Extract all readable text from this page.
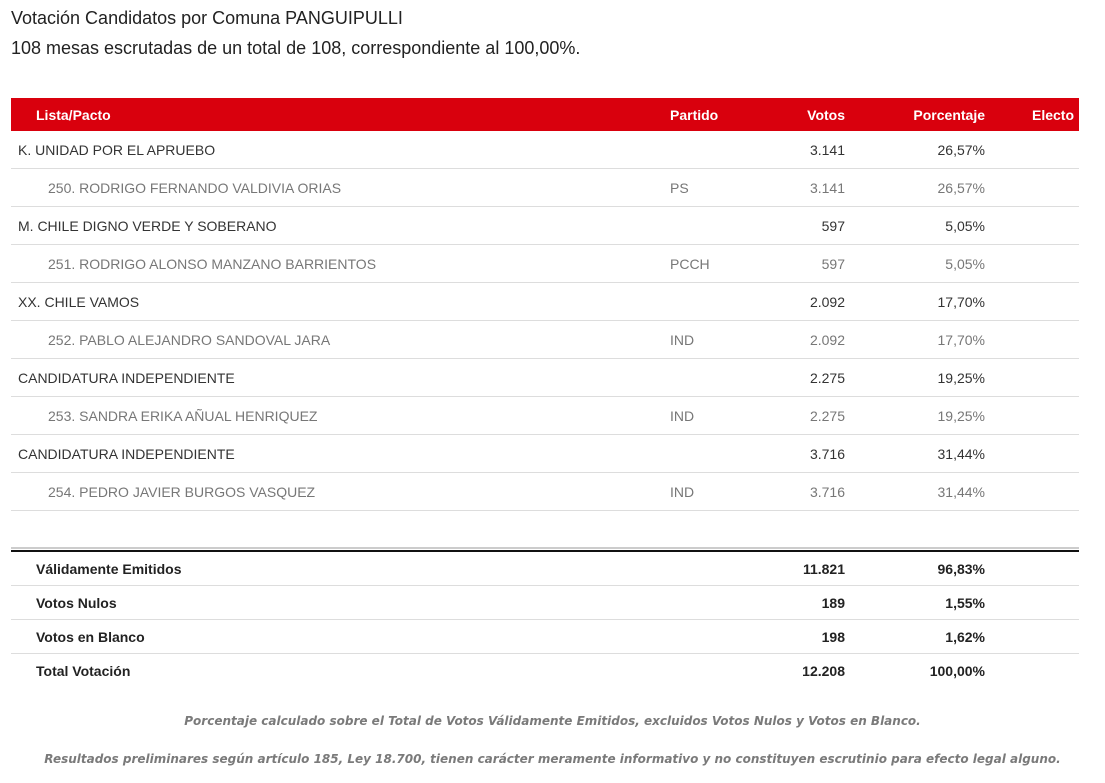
Votación Candidatos por Comuna PANGUIPULLI
108 mesas escrutadas de un total de 108, correspondiente al 100,00%.
Lista/Pacto	Partido	Votos	Porcentaje	Electo
K. UNIDAD POR EL APRUEBO		3.141	26,57%	
250. RODRIGO FERNANDO VALDIVIA ORIAS	PS	3.141	26,57%	
M. CHILE DIGNO VERDE Y SOBERANO		597	5,05%	
251. RODRIGO ALONSO MANZANO BARRIENTOS	PCCH	597	5,05%	
XX. CHILE VAMOS		2.092	17,70%	
252. PABLO ALEJANDRO SANDOVAL JARA	IND	2.092	17,70%	
CANDIDATURA INDEPENDIENTE		2.275	19,25%	
253. SANDRA ERIKA AÑUAL HENRIQUEZ	IND	2.275	19,25%	
CANDIDATURA INDEPENDIENTE		3.716	31,44%	
254. PEDRO JAVIER BURGOS VASQUEZ	IND	3.716	31,44%	

Válidamente Emitidos		11.821	96,83%	
Votos Nulos		189	1,55%	
Votos en Blanco		198	1,62%	
Total Votación		12.208	100,00%	
Porcentaje calculado sobre el Total de Votos Válidamente Emitidos, excluidos Votos Nulos y Votos en Blanco.
Resultados preliminares según artículo 185, Ley 18.700, tienen carácter meramente informativo y no constituyen escrutinio para efecto legal alguno.
